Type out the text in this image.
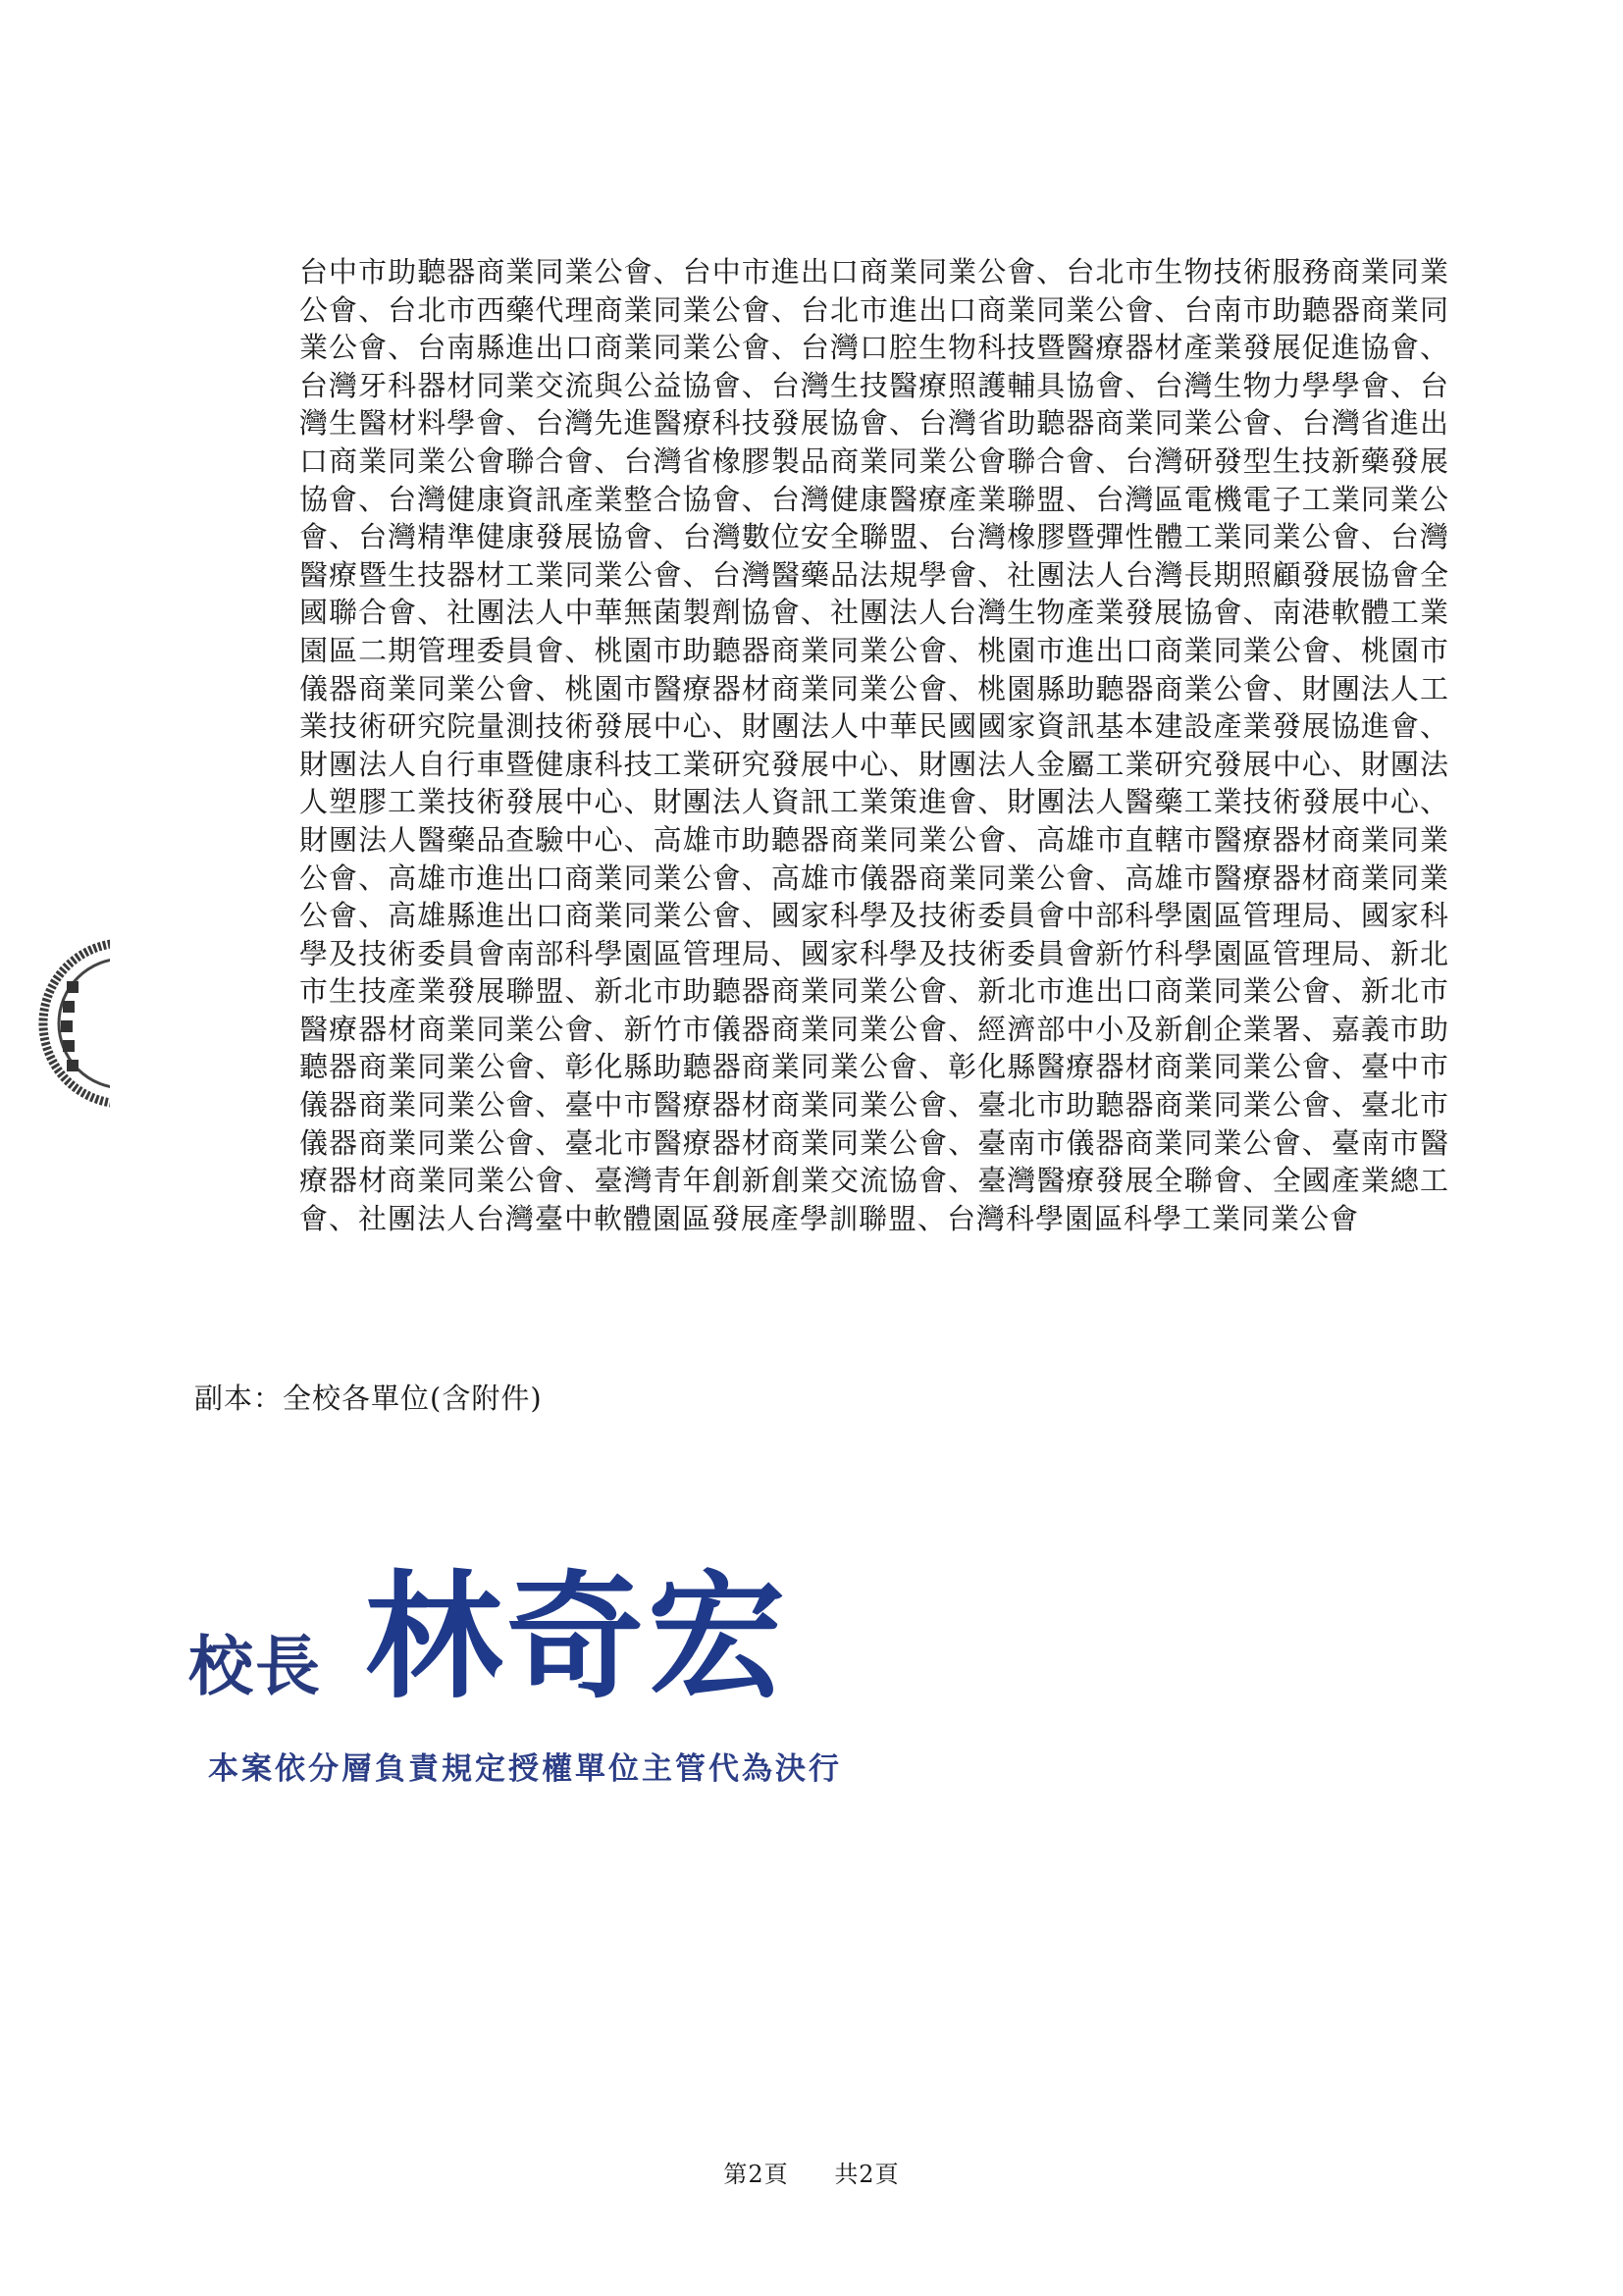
台中市助聽器商業同業公會、台中市進出口商業同業公會、台北市生物技術服務商業同業公會、台北市西藥代理商業同業公會、台北市進出口商業同業公會、台南市助聽器商業同業公會、台南縣進出口商業同業公會、台灣口腔生物科技暨醫療器材產業發展促進協會、台灣牙科器材同業交流與公益協會、台灣生技醫療照護輔具協會、台灣生物力學學會、台灣生醫材料學會、台灣先進醫療科技發展協會、台灣省助聽器商業同業公會、台灣省進出口商業同業公會聯合會、台灣省橡膠製品商業同業公會聯合會、台灣研發型生技新藥發展協會、台灣健康資訊產業整合協會、台灣健康醫療產業聯盟、台灣區電機電子工業同業公會、台灣精準健康發展協會、台灣數位安全聯盟、台灣橡膠暨彈性體工業同業公會、台灣醫療暨生技器材工業同業公會、台灣醫藥品法規學會、社團法人台灣長期照顧發展協會全國聯合會、社團法人中華無菌製劑協會、社團法人台灣生物產業發展協會、南港軟體工業園區二期管理委員會、桃園市助聽器商業同業公會、桃園市進出口商業同業公會、桃園市儀器商業同業公會、桃園市醫療器材商業同業公會、桃園縣助聽器商業公會、財團法人工業技術研究院量測技術發展中心、財團法人中華民國國家資訊基本建設產業發展協進會、財團法人自行車暨健康科技工業研究發展中心、財團法人金屬工業研究發展中心、財團法人塑膠工業技術發展中心、財團法人資訊工業策進會、財團法人醫藥工業技術發展中心、財團法人醫藥品查驗中心、高雄市助聽器商業同業公會、高雄市直轄市醫療器材商業同業公會、高雄市進出口商業同業公會、高雄市儀器商業同業公會、高雄市醫療器材商業同業公會、高雄縣進出口商業同業公會、國家科學及技術委員會中部科學園區管理局、國家科學及技術委員會南部科學園區管理局、國家科學及技術委員會新竹科學園區管理局、新北市生技產業發展聯盟、新北市助聽器商業同業公會、新北市進出口商業同業公會、新北市醫療器材商業同業公會、新竹市儀器商業同業公會、經濟部中小及新創企業署、嘉義市助聽器商業同業公會、彰化縣助聽器商業同業公會、彰化縣醫療器材商業同業公會、臺中市儀器商業同業公會、臺中市醫療器材商業同業公會、臺北市助聽器商業同業公會、臺北市儀器商業同業公會、臺北市醫療器材商業同業公會、臺南市儀器商業同業公會、臺南市醫療器材商業同業公會、臺灣青年創新創業交流協會、臺灣醫療發展全聯會、全國產業總工會、社團法人台灣臺中軟體園區發展產學訓聯盟、台灣科學園區科學工業同業公會

副本：全校各單位(含附件)

校長 林奇宏
本案依分層負責規定授權單位主管代為決行
第2頁 共2頁
